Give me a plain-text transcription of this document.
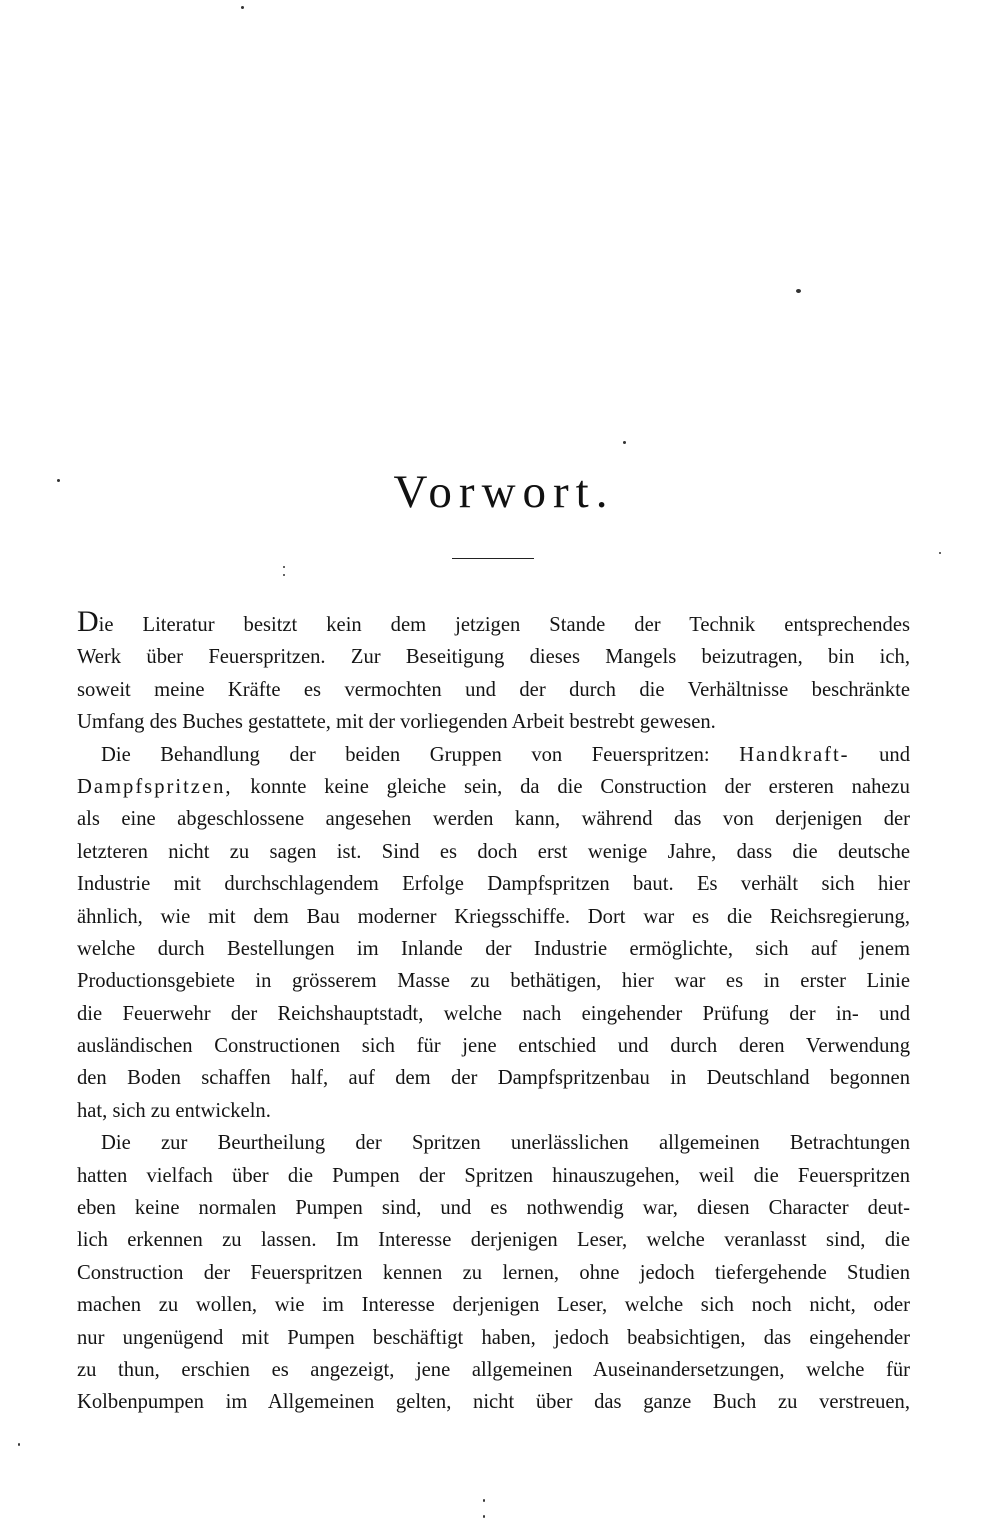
Vorwort.
Die Literatur besitzt kein dem jetzigen Stande der Technik entsprechendes
Werk über Feuerspritzen. Zur Beseitigung dieses Mangels beizutragen, bin ich,
soweit meine Kräfte es vermochten und der durch die Verhältnisse beschränkte
Umfang des Buches gestattete, mit der vorliegenden Arbeit bestrebt gewesen.
Die Behandlung der beiden Gruppen von Feuerspritzen: Handkraft- und
Dampfspritzen, konnte keine gleiche sein, da die Construction der ersteren nahezu
als eine abgeschlossene angesehen werden kann, während das von derjenigen der
letzteren nicht zu sagen ist. Sind es doch erst wenige Jahre, dass die deutsche
Industrie mit durchschlagendem Erfolge Dampfspritzen baut. Es verhält sich hier
ähnlich, wie mit dem Bau moderner Kriegsschiffe. Dort war es die Reichsregierung,
welche durch Bestellungen im Inlande der Industrie ermöglichte, sich auf jenem
Productionsgebiete in grösserem Masse zu bethätigen, hier war es in erster Linie
die Feuerwehr der Reichshauptstadt, welche nach eingehender Prüfung der in- und
ausländischen Constructionen sich für jene entschied und durch deren Verwendung
den Boden schaffen half, auf dem der Dampfspritzenbau in Deutschland begonnen
hat, sich zu entwickeln.
Die zur Beurtheilung der Spritzen unerlässlichen allgemeinen Betrachtungen
hatten vielfach über die Pumpen der Spritzen hinauszugehen, weil die Feuerspritzen
eben keine normalen Pumpen sind, und es nothwendig war, diesen Character deut-
lich erkennen zu lassen. Im Interesse derjenigen Leser, welche veranlasst sind, die
Construction der Feuerspritzen kennen zu lernen, ohne jedoch tiefergehende Studien
machen zu wollen, wie im Interesse derjenigen Leser, welche sich noch nicht, oder
nur ungenügend mit Pumpen beschäftigt haben, jedoch beabsichtigen, das eingehender
zu thun, erschien es angezeigt, jene allgemeinen Auseinandersetzungen, welche für
Kolbenpumpen im Allgemeinen gelten, nicht über das ganze Buch zu verstreuen,
